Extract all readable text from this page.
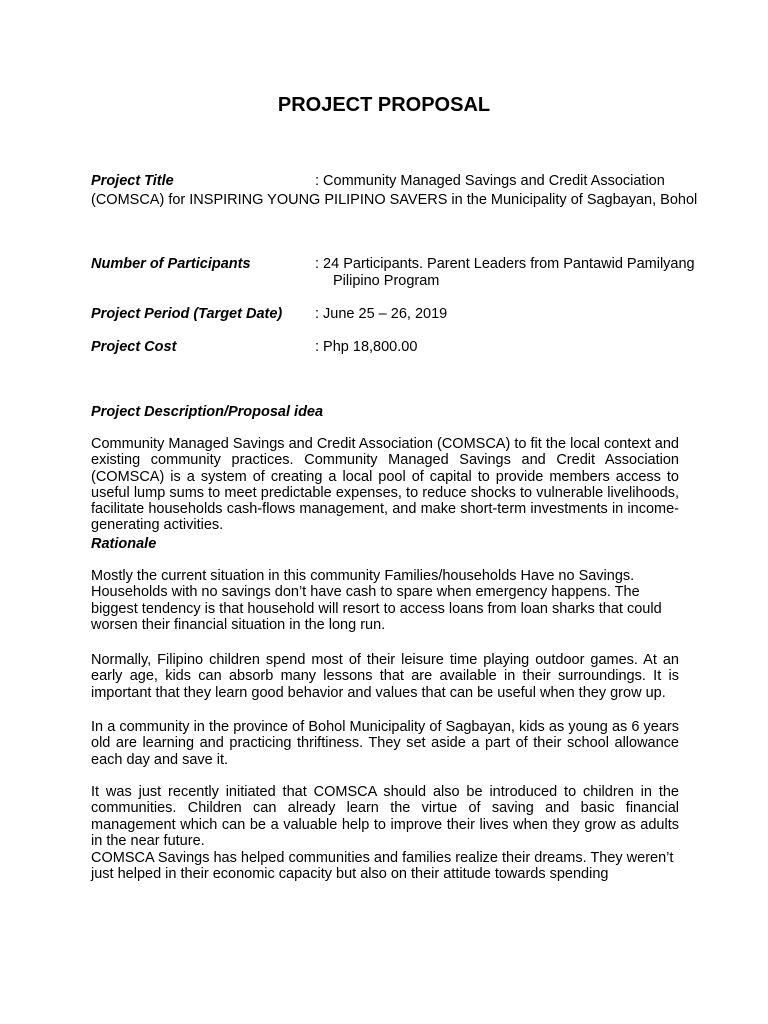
PROJECT PROPOSAL
Project Title	: Community Managed Savings and Credit Association
(COMSCA) for INSPIRING YOUNG PILIPINO SAVERS in the Municipality of Sagbayan, Bohol
Number of Participants	: 24 Participants. Parent Leaders from Pantawid Pamilyang
Pilipino Program
Project Period (Target Date) : June 25 – 26, 2019
Project Cost	: Php 18,800.00
Project Description/Proposal idea

Community Managed Savings and Credit Association (COMSCA) to fit the local context and existing community practices. Community Managed Savings and Credit Association (COMSCA) is a system of creating a local pool of capital to provide members access to useful lump sums to meet predictable expenses, to reduce shocks to vulnerable livelihoods, facilitate households cash-flows management, and make short-term investments in income-generating activities.

Rationale

Mostly the current situation in this community Families/households Have no Savings. Households with no savings don’t have cash to spare when emergency happens. The biggest tendency is that household will resort to access loans from loan sharks that could worsen their financial situation in the long run.

Normally, Filipino children spend most of their leisure time playing outdoor games. At an early age, kids can absorb many lessons that are available in their surroundings. It is important that they learn good behavior and values that can be useful when they grow up.

In a community in the province of Bohol Municipality of Sagbayan, kids as young as 6 years old are learning and practicing thriftiness. They set aside a part of their school allowance each day and save it.

It was just recently initiated that COMSCA should also be introduced to children in the communities. Children can already learn the virtue of saving and basic financial management which can be a valuable help to improve their lives when they grow as adults in the near future.

COMSCA Savings has helped communities and families realize their dreams. They weren’t just helped in their economic capacity but also on their attitude towards spending
